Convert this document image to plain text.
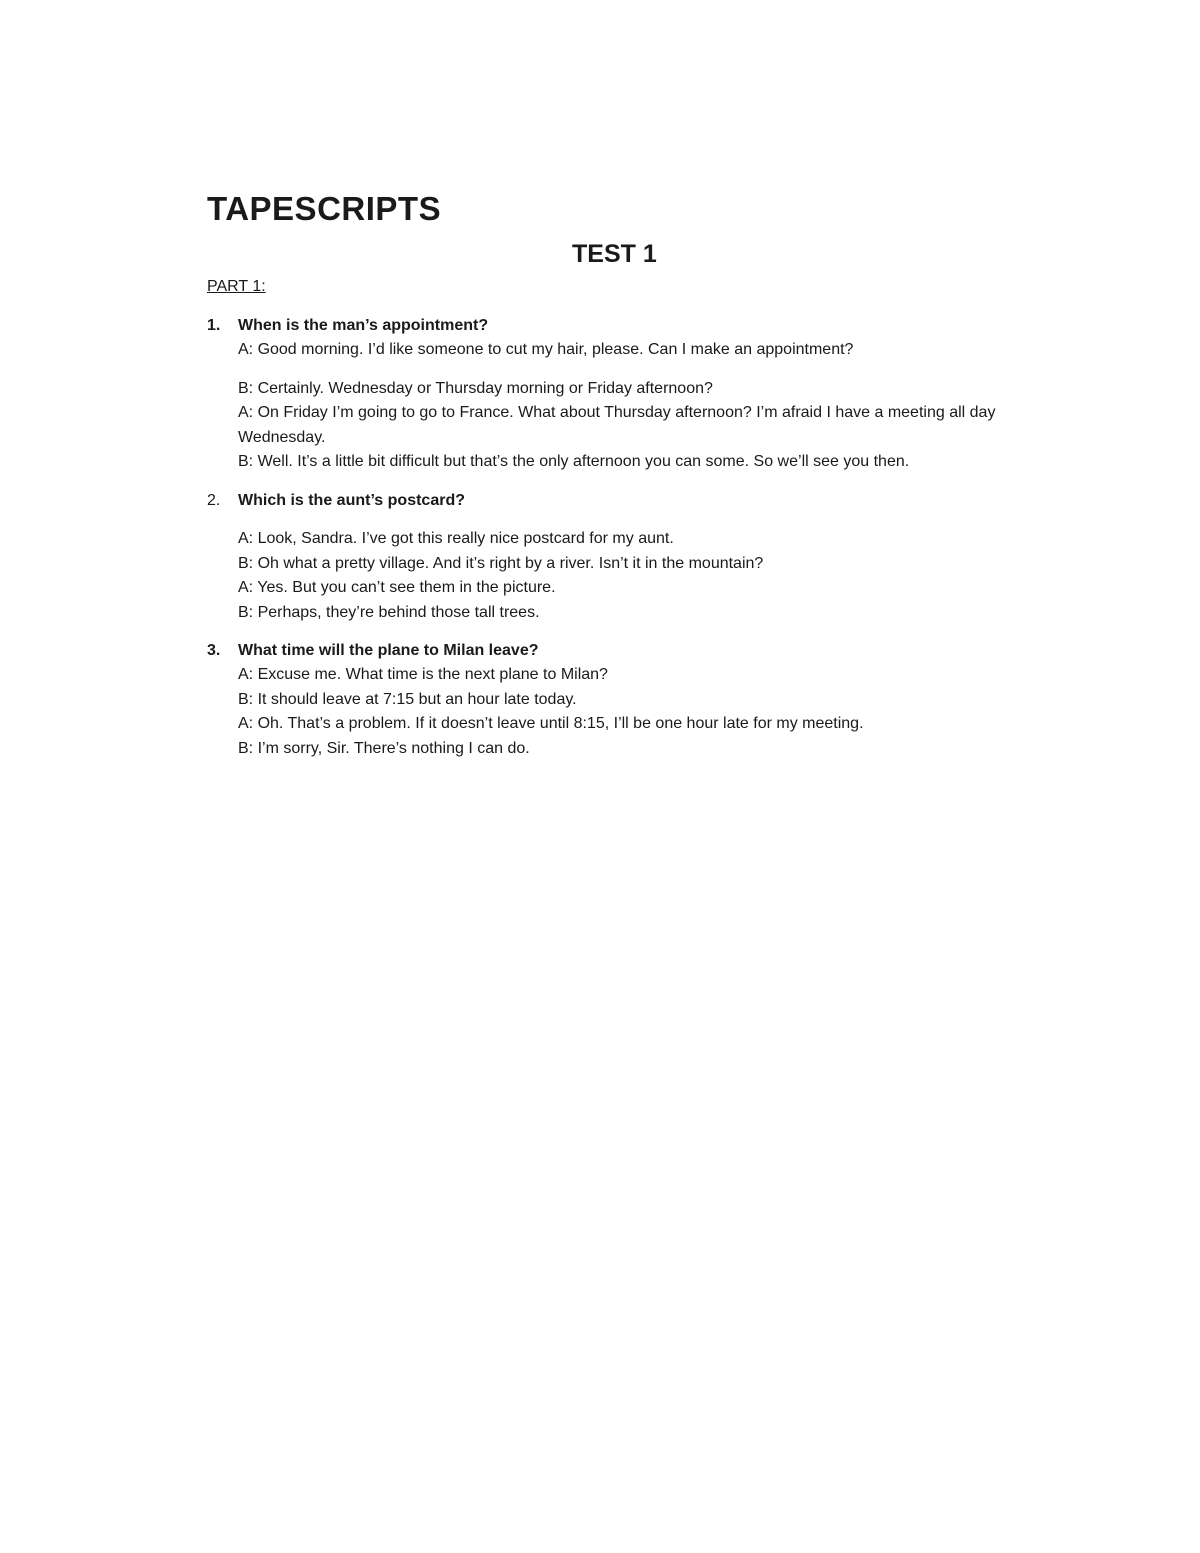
TAPESCRIPTS
TEST 1

PART 1:

1.	When is the man’s appointment?
A: Good morning. I’d like someone to cut my hair, please. Can I make an appointment?
B: Certainly. Wednesday or Thursday morning or Friday afternoon?
A: On Friday I’m going to go to France. What about Thursday afternoon? I’m afraid I have a meeting all day Wednesday.
B: Well. It’s a little bit difficult but that’s the only afternoon you can some. So we’ll see you then.
2.	Which is the aunt’s postcard?
A: Look, Sandra. I’ve got this really nice postcard for my aunt.
B: Oh what a pretty village. And it’s right by a river. Isn’t it in the mountain?
A: Yes. But you can’t see them in the picture.
B: Perhaps, they’re behind those tall trees.
3.	What time will the plane to Milan leave?
A: Excuse me. What time is the next plane to Milan?
B: It should leave at 7:15 but an hour late today.
A: Oh. That’s a problem. If it doesn’t leave until 8:15, I’ll be one hour late for my meeting.
B: I’m sorry, Sir. There’s nothing I can do.
